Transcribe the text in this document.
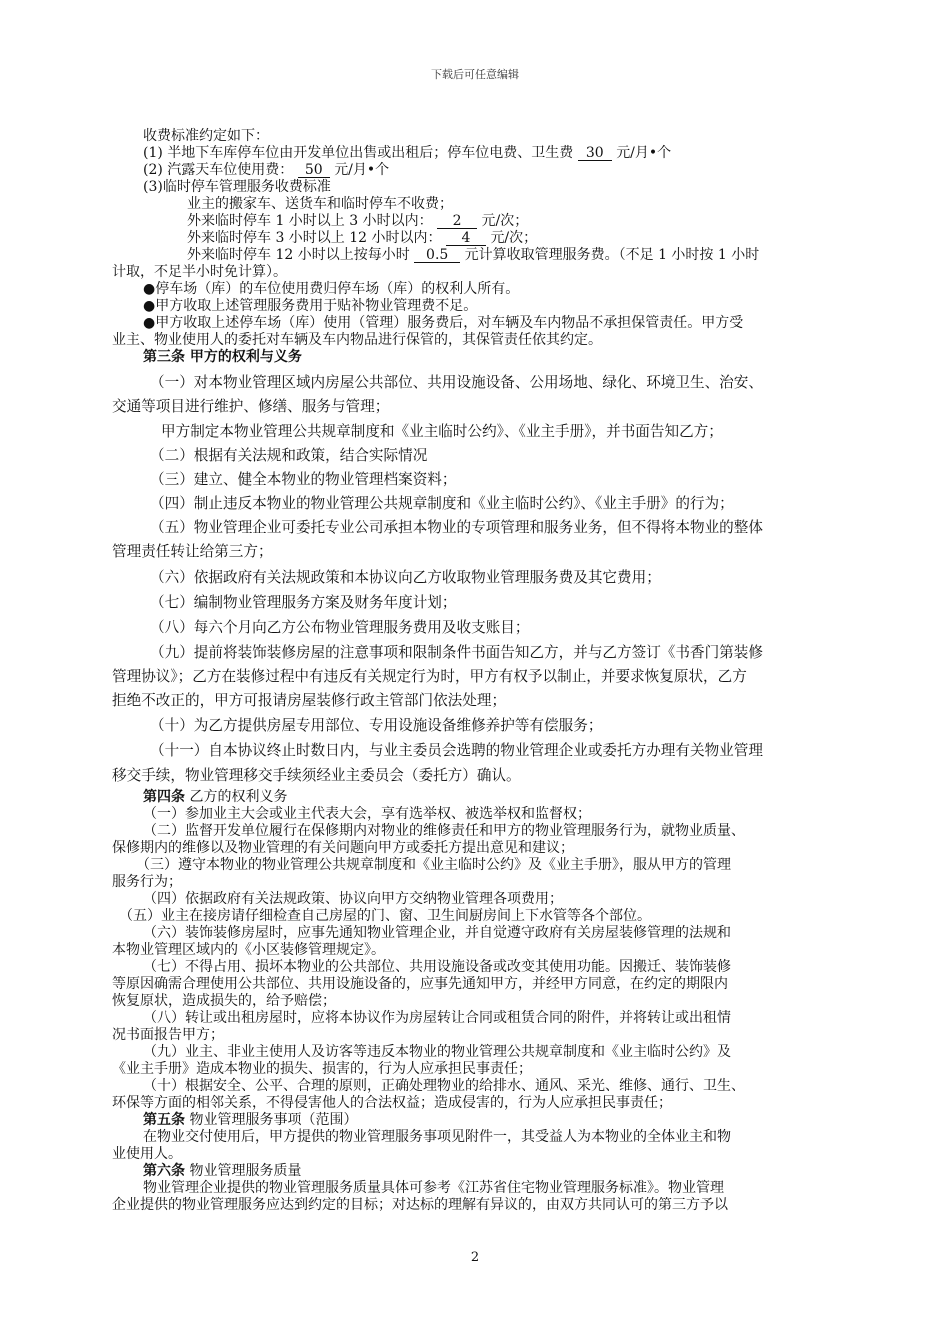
下载后可任意编辑
收费标准约定如下：
(1) 半地下车库停车位由开发单位出售或出租后；停车位电费、卫生费 30 元/月•个
(2) 汽露天车位使用费： 50 元/月•个
(3)临时停车管理服务收费标准
业主的搬家车、送货车和临时停车不收费；
外来临时停车 1 小时以上 3 小时以内： 2 元/次；
外来临时停车 3 小时以上 12 小时以内： 4 元/次；
外来临时停车 12 小时以上按每小时 0.5 元计算收取管理服务费。（不足 1 小时按 1 小时
计取，不足半小时免计算）。
●停车场（库）的车位使用费归停车场（库）的权利人所有。
●甲方收取上述管理服务费用于贴补物业管理费不足。
●甲方收取上述停车场（库）使用（管理）服务费后，对车辆及车内物品不承担保管责任。甲方受
业主、物业使用人的委托对车辆及车内物品进行保管的，其保管责任依其约定。
第三条 甲方的权利与义务
（一）对本物业管理区域内房屋公共部位、共用设施设备、公用场地、绿化、环境卫生、治安、
交通等项目进行维护、修缮、服务与管理；
甲方制定本物业管理公共规章制度和《业主临时公约》、《业主手册》，并书面告知乙方；
（二）根据有关法规和政策，结合实际情况
（三）建立、健全本物业的物业管理档案资料；
（四）制止违反本物业的物业管理公共规章制度和《业主临时公约》、《业主手册》的行为；
（五）物业管理企业可委托专业公司承担本物业的专项管理和服务业务，但不得将本物业的整体
管理责任转让给第三方；
（六）依据政府有关法规政策和本协议向乙方收取物业管理服务费及其它费用；
（七）编制物业管理服务方案及财务年度计划；
（八）每六个月向乙方公布物业管理服务费用及收支账目；
（九）提前将装饰装修房屋的注意事项和限制条件书面告知乙方，并与乙方签订《书香门第装修
管理协议》；乙方在装修过程中有违反有关规定行为时，甲方有权予以制止，并要求恢复原状，乙方
拒绝不改正的，甲方可报请房屋装修行政主管部门依法处理；
（十）为乙方提供房屋专用部位、专用设施设备维修养护等有偿服务；
（十一）自本协议终止时数日内，与业主委员会选聘的物业管理企业或委托方办理有关物业管理
移交手续，物业管理移交手续须经业主委员会（委托方）确认。
第四条 乙方的权利义务
（一）参加业主大会或业主代表大会，享有选举权、被选举权和监督权；
（二）监督开发单位履行在保修期内对物业的维修责任和甲方的物业管理服务行为，就物业质量、
保修期内的维修以及物业管理的有关问题向甲方或委托方提出意见和建议；
（三）遵守本物业的物业管理公共规章制度和《业主临时公约》及《业主手册》，服从甲方的管理
服务行为；
（四）依据政府有关法规政策、协议向甲方交纳物业管理各项费用；
（五）业主在接房请仔细检查自己房屋的门、窗、卫生间厨房间上下水管等各个部位。
（六）装饰装修房屋时，应事先通知物业管理企业，并自觉遵守政府有关房屋装修管理的法规和
本物业管理区域内的《小区装修管理规定》。
（七）不得占用、损坏本物业的公共部位、共用设施设备或改变其使用功能。因搬迁、装饰装修
等原因确需合理使用公共部位、共用设施设备的，应事先通知甲方，并经甲方同意，在约定的期限内
恢复原状，造成损失的，给予赔偿；
（八）转让或出租房屋时，应将本协议作为房屋转让合同或租赁合同的附件，并将转让或出租情
况书面报告甲方；
（九）业主、非业主使用人及访客等违反本物业的物业管理公共规章制度和《业主临时公约》及
《业主手册》造成本物业的损失、损害的，行为人应承担民事责任；
（十）根据安全、公平、合理的原则，正确处理物业的给排水、通风、采光、维修、通行、卫生、
环保等方面的相邻关系，不得侵害他人的合法权益；造成侵害的，行为人应承担民事责任；
第五条 物业管理服务事项（范围）
在物业交付使用后，甲方提供的物业管理服务事项见附件一，其受益人为本物业的全体业主和物
业使用人。
第六条 物业管理服务质量
物业管理企业提供的物业管理服务质量具体可参考《江苏省住宅物业管理服务标准》。物业管理
企业提供的物业管理服务应达到约定的目标；对达标的理解有异议的，由双方共同认可的第三方予以
2
